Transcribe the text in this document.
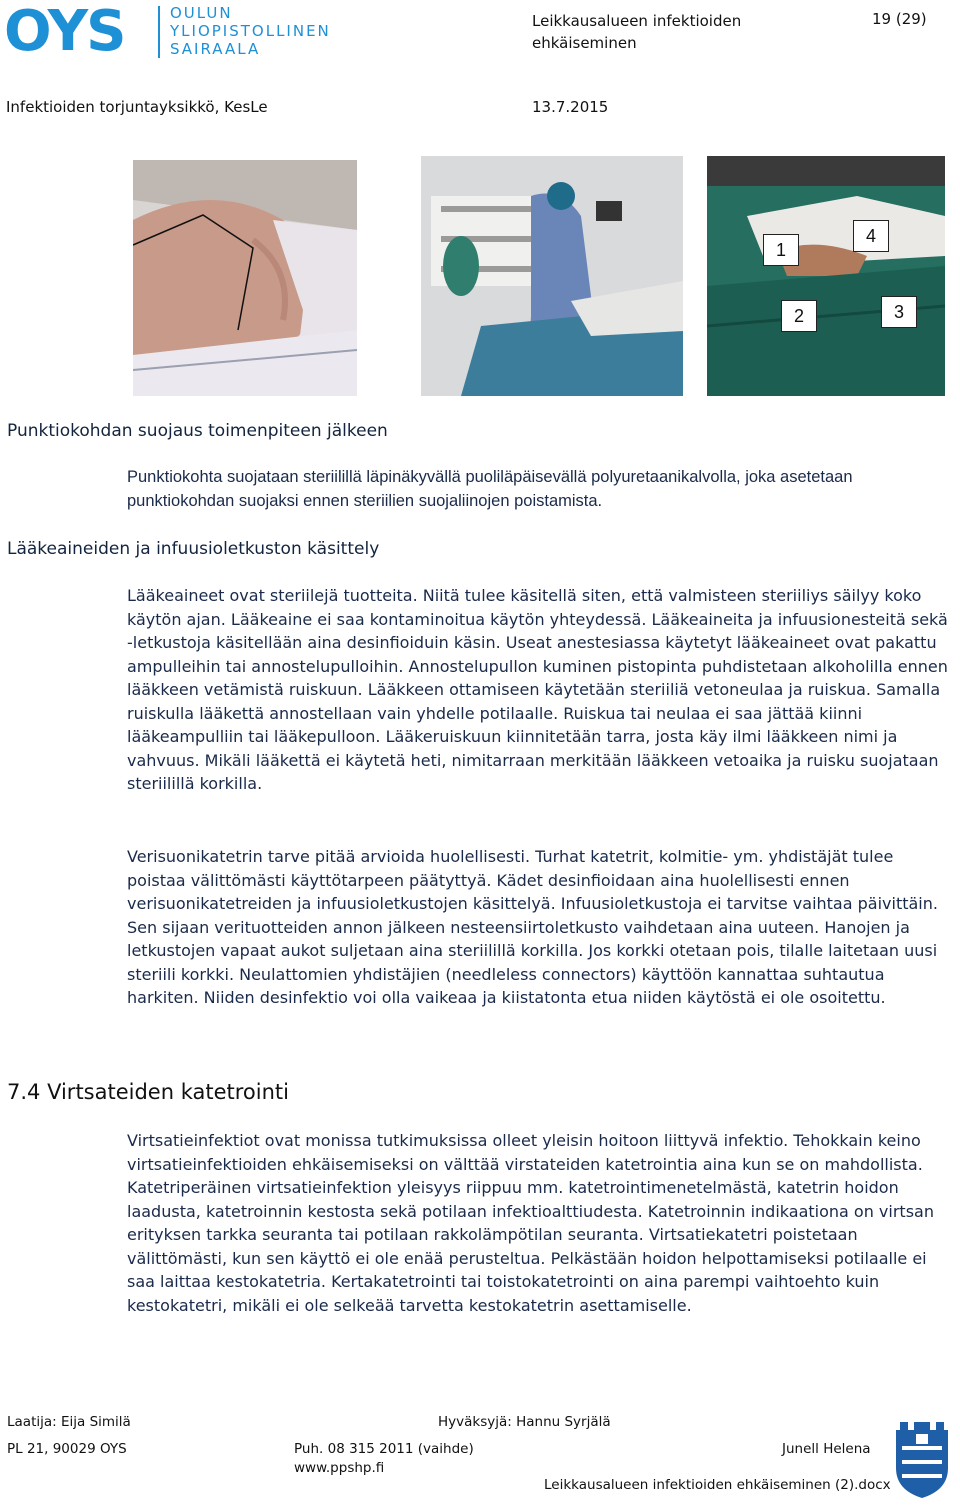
OYS	OULUN
YLIOPISTOLLINEN
SAIRAALA
Leikkausalueen infektioiden ehkäiseminen
19 (29)
Infektioiden torjuntayksikkö, KesLe	13.7.2015
1
4
2	3
Punktiokohdan suojaus toimenpiteen jälkeen
Punktiokohta suojataan steriilillä läpinäkyvällä puoliläpäisevällä polyuretaanikalvolla, joka asetetaan punktiokohdan suojaksi ennen steriilien suojaliinojen poistamista.
Lääkeaineiden ja infuusioletkuston käsittely
Lääkeaineet ovat steriilejä tuotteita. Niitä tulee käsitellä siten, että valmisteen steriiliys säilyy koko käytön ajan. Lääkeaine ei saa kontaminoitua käytön yhteydessä. Lääkeaineita ja infuusionesteitä sekä -letkustoja käsitellään aina desinfioiduin käsin. Useat anestesiassa käytetyt lääkeaineet ovat pakattu ampulleihin tai annostelupulloihin. Annostelupullon kuminen pistopinta puhdistetaan alkoholilla ennen lääkkeen vetämistä ruiskuun. Lääkkeen ottamiseen käytetään steriiliä vetoneulaa ja ruiskua. Samalla ruiskulla lääkettä annostellaan vain yhdelle potilaalle. Ruiskua tai neulaa ei saa jättää kiinni lääkeampulliin tai lääkepulloon. Lääkeruiskuun kiinnitetään tarra, josta käy ilmi lääkkeen nimi ja vahvuus. Mikäli lääkettä ei käytetä heti, nimitarraan merkitään lääkkeen vetoaika ja ruisku suojataan steriilillä korkilla.
Verisuonikatetrin tarve pitää arvioida huolellisesti. Turhat katetrit, kolmitie- ym. yhdistäjät tulee poistaa välittömästi käyttötarpeen päätyttyä. Kädet desinfioidaan aina huolellisesti ennen verisuonikatetreiden ja infuusioletkustojen käsittelyä. Infuusioletkustoja ei tarvitse vaihtaa päivittäin. Sen sijaan verituotteiden annon jälkeen nesteensiirtoletkusto vaihdetaan aina uuteen. Hanojen ja letkustojen vapaat aukot suljetaan aina steriilillä korkilla. Jos korkki otetaan pois, tilalle laitetaan uusi steriili korkki. Neulattomien yhdistäjien (needleless connectors) käyttöön kannattaa suhtautua harkiten. Niiden desinfektio voi olla vaikeaa ja kiistatonta etua niiden käytöstä ei ole osoitettu.
7.4 Virtsateiden katetrointi
Virtsatieinfektiot ovat monissa tutkimuksissa olleet yleisin hoitoon liittyvä infektio. Tehokkain keino virtsatieinfektioiden ehkäisemiseksi on välttää virstateiden katetrointia aina kun se on mahdollista. Katetriperäinen virtsatieinfektion yleisyys riippuu mm. katetrointimenetelmästä, katetrin hoidon laadusta, katetroinnin kestosta sekä potilaan infektioalttiudesta. Katetroinnin indikaationa on virtsan erityksen tarkka seuranta tai potilaan rakkolämpötilan seuranta. Virtsatiekatetri poistetaan välittömästi, kun sen käyttö ei ole enää perusteltua. Pelkästään hoidon helpottamiseksi potilaalle ei saa laittaa kestokatetria. Kertakatetrointi tai toistokatetrointi on aina parempi vaihtoehto kuin kestokatetri, mikäli ei ole selkeää tarvetta kestokatetrin asettamiselle.
Laatija: Eija Similä	Hyväksyjä: Hannu Syrjälä
PL 21, 90029 OYS	Puh. 08 315 2011 (vaihde)
www.ppshp.fi
Junell Helena
Leikkausalueen infektioiden ehkäiseminen (2).docx
